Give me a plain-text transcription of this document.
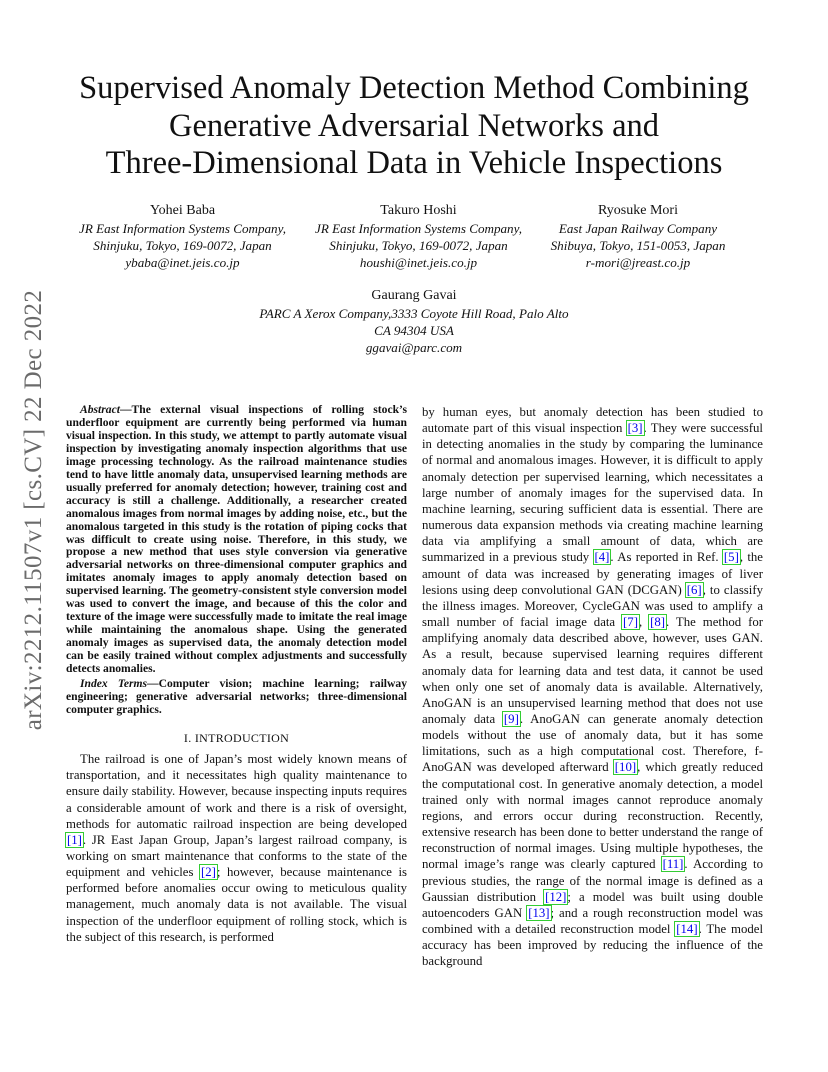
arXiv:2212.11507v1 [cs.CV] 22 Dec 2022
Supervised Anomaly Detection Method Combining
Generative Adversarial Networks and
Three-Dimensional Data in Vehicle Inspections
Yohei Baba
JR East Information Systems Company,
Shinjuku, Tokyo, 169-0072, Japan
ybaba@inet.jeis.co.jp
Takuro Hoshi
JR East Information Systems Company,
Shinjuku, Tokyo, 169-0072, Japan
houshi@inet.jeis.co.jp
Ryosuke Mori
East Japan Railway Company
Shibuya, Tokyo, 151-0053, Japan
r-mori@jreast.co.jp
Gaurang Gavai
PARC A Xerox Company,3333 Coyote Hill Road, Palo Alto
CA 94304 USA
ggavai@parc.com

Abstract—The external visual inspections of rolling stock’s underfloor equipment are currently being performed via human visual inspection. In this study, we attempt to partly automate visual inspection by investigating anomaly inspection algorithms that use image processing technology. As the railroad maintenance studies tend to have little anomaly data, unsupervised learning methods are usually preferred for anomaly detection; however, training cost and accuracy is still a challenge. Additionally, a researcher created anomalous images from normal images by adding noise, etc., but the anomalous targeted in this study is the rotation of piping cocks that was difficult to create using noise. Therefore, in this study, we propose a new method that uses style conversion via generative adversarial networks on three-dimensional computer graphics and imitates anomaly images to apply anomaly detection based on supervised learning. The geometry-consistent style conversion model was used to convert the image, and because of this the color and texture of the image were successfully made to imitate the real image while maintaining the anomalous shape. Using the generated anomaly images as supervised data, the anomaly detection model can be easily trained without complex adjustments and successfully detects anomalies.

Index Terms—Computer vision; machine learning; railway engineering; generative adversarial networks; three-dimensional computer graphics.

I. INTRODUCTION

The railroad is one of Japan’s most widely known means of transportation, and it necessitates high quality maintenance to ensure daily stability. However, because inspecting inputs requires a considerable amount of work and there is a risk of oversight, methods for automatic railroad inspection are being developed [1]. JR East Japan Group, Japan’s largest railroad company, is working on smart maintenance that conforms to the state of the equipment and vehicles [2]; however, because maintenance is performed before anomalies occur owing to meticulous quality management, much anomaly data is not available. The visual inspection of the underfloor equipment of rolling stock, which is the subject of this research, is performed

by human eyes, but anomaly detection has been studied to automate part of this visual inspection [3]. They were successful in detecting anomalies in the study by comparing the luminance of normal and anomalous images. However, it is difficult to apply anomaly detection per supervised learning, which necessitates a large number of anomaly images for the supervised data. In machine learning, securing sufficient data is essential. There are numerous data expansion methods via creating machine learning data via amplifying a small amount of data, which are summarized in a previous study [4]. As reported in Ref. [5], the amount of data was increased by generating images of liver lesions using deep convolutional GAN (DCGAN) [6], to classify the illness images. Moreover, CycleGAN was used to amplify a small number of facial image data [7], [8]. The method for amplifying anomaly data described above, however, uses GAN. As a result, because supervised learning requires different anomaly data for learning data and test data, it cannot be used when only one set of anomaly data is available. Alternatively, AnoGAN is an unsupervised learning method that does not use anomaly data [9]. AnoGAN can generate anomaly detection models without the use of anomaly data, but it has some limitations, such as a high computational cost. Therefore, f-AnoGAN was developed afterward [10], which greatly reduced the computational cost. In generative anomaly detection, a model trained only with normal images cannot reproduce anomaly regions, and errors occur during reconstruction. Recently, extensive research has been done to better understand the range of reconstruction of normal images. Using multiple hypotheses, the normal image’s range was clearly captured [11]. According to previous studies, the range of the normal image is defined as a Gaussian distribution [12]; a model was built using double autoencoders GAN [13]; and a rough reconstruction model was combined with a detailed reconstruction model [14]. The model accuracy has been improved by reducing the influence of the background
